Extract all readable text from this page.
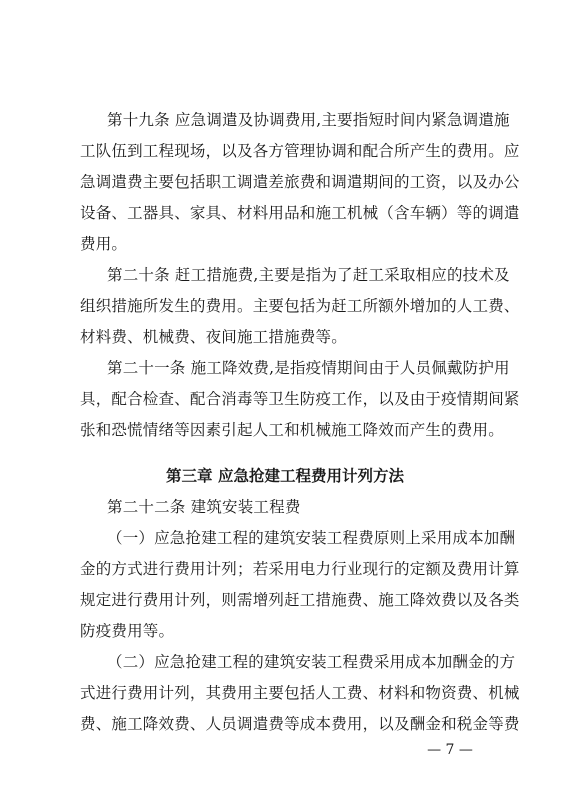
第十九条 应急调遣及协调费用,主要指短时间内紧急调遣施
工队伍到工程现场，以及各方管理协调和配合所产生的费用。应
急调遣费主要包括职工调遣差旅费和调遣期间的工资，以及办公
设备、工器具、家具、材料用品和施工机械（含车辆）等的调遣
费用。
第二十条 赶工措施费,主要是指为了赶工采取相应的技术及
组织措施所发生的费用。主要包括为赶工所额外增加的人工费、
材料费、机械费、夜间施工措施费等。
第二十一条 施工降效费,是指疫情期间由于人员佩戴防护用
具，配合检查、配合消毒等卫生防疫工作，以及由于疫情期间紧
张和恐慌情绪等因素引起人工和机械施工降效而产生的费用。
第三章 应急抢建工程费用计列方法
第二十二条 建筑安装工程费
（一）应急抢建工程的建筑安装工程费原则上采用成本加酬
金的方式进行费用计列；若采用电力行业现行的定额及费用计算
规定进行费用计列，则需增列赶工措施费、施工降效费以及各类
防疫费用等。
（二）应急抢建工程的建筑安装工程费采用成本加酬金的方
式进行费用计列，其费用主要包括人工费、材料和物资费、机械
费、施工降效费、人员调遣费等成本费用，以及酬金和税金等费
— 7 —
